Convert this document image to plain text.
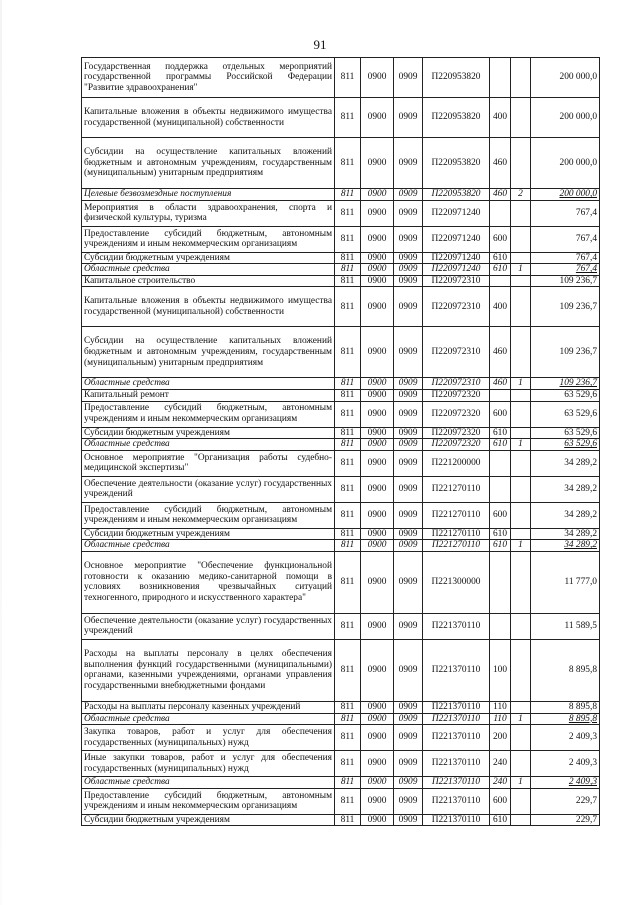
91
Государственная поддержка отдельных мероприятий государственной программы Российской Федерации "Развитие здравоохранения"	811	0900	0909	П220953820			200 000,0
Капитальные вложения в объекты недвижимого имущества государственной (муниципальной) собственности	811	0900	0909	П220953820	400		200 000,0
Субсидии на осуществление капитальных вложений бюджетным и автономным учреждениям, государственным (муниципальным) унитарным предприятиям	811	0900	0909	П220953820	460		200 000,0
Целевые безвозмездные поступления	811	0900	0909	П220953820	460	2	200 000,0
Мероприятия в области здравоохранения, спорта и физической культуры, туризма	811	0900	0909	П220971240			767,4
Предоставление субсидий бюджетным, автономным учреждениям и иным некоммерческим организациям	811	0900	0909	П220971240	600		767,4
Субсидии бюджетным учреждениям	811	0900	0909	П220971240	610		767,4
Областные средства	811	0900	0909	П220971240	610	1	767,4
Капитальное строительство	811	0900	0909	П220972310			109 236,7
Капитальные вложения в объекты недвижимого имущества государственной (муниципальной) собственности	811	0900	0909	П220972310	400		109 236,7
Субсидии на осуществление капитальных вложений бюджетным и автономным учреждениям, государственным (муниципальным) унитарным предприятиям	811	0900	0909	П220972310	460		109 236,7
Областные средства	811	0900	0909	П220972310	460	1	109 236,7
Капитальный ремонт	811	0900	0909	П220972320			63 529,6
Предоставление субсидий бюджетным, автономным учреждениям и иным некоммерческим организациям	811	0900	0909	П220972320	600		63 529,6
Субсидии бюджетным учреждениям	811	0900	0909	П220972320	610		63 529,6
Областные средства	811	0900	0909	П220972320	610	1	63 529,6
Основное мероприятие "Организация работы судебно-медицинской экспертизы"	811	0900	0909	П221200000			34 289,2
Обеспечение деятельности (оказание услуг) государственных учреждений	811	0900	0909	П221270110			34 289,2
Предоставление субсидий бюджетным, автономным учреждениям и иным некоммерческим организациям	811	0900	0909	П221270110	600		34 289,2
Субсидии бюджетным учреждениям	811	0900	0909	П221270110	610		34 289,2
Областные средства	811	0900	0909	П221270110	610	1	34 289,2
Основное мероприятие "Обеспечение функциональной готовности к оказанию медико-санитарной помощи в условиях возникновения чрезвычайных ситуаций техногенного, природного и искусственного характера"	811	0900	0909	П221300000			11 777,0
Обеспечение деятельности (оказание услуг) государственных учреждений	811	0900	0909	П221370110			11 589,5
Расходы на выплаты персоналу в целях обеспечения выполнения функций государственными (муниципальными) органами, казенными учреждениями, органами управления государственными внебюджетными фондами	811	0900	0909	П221370110	100		8 895,8
Расходы на выплаты персоналу казенных учреждений	811	0900	0909	П221370110	110		8 895,8
Областные средства	811	0900	0909	П221370110	110	1	8 895,8
Закупка товаров, работ и услуг для обеспечения государственных (муниципальных) нужд	811	0900	0909	П221370110	200		2 409,3
Иные закупки товаров, работ и услуг для обеспечения государственных (муниципальных) нужд	811	0900	0909	П221370110	240		2 409,3
Областные средства	811	0900	0909	П221370110	240	1	2 409,3
Предоставление субсидий бюджетным, автономным учреждениям и иным некоммерческим организациям	811	0900	0909	П221370110	600		229,7
Субсидии бюджетным учреждениям	811	0900	0909	П221370110	610		229,7
